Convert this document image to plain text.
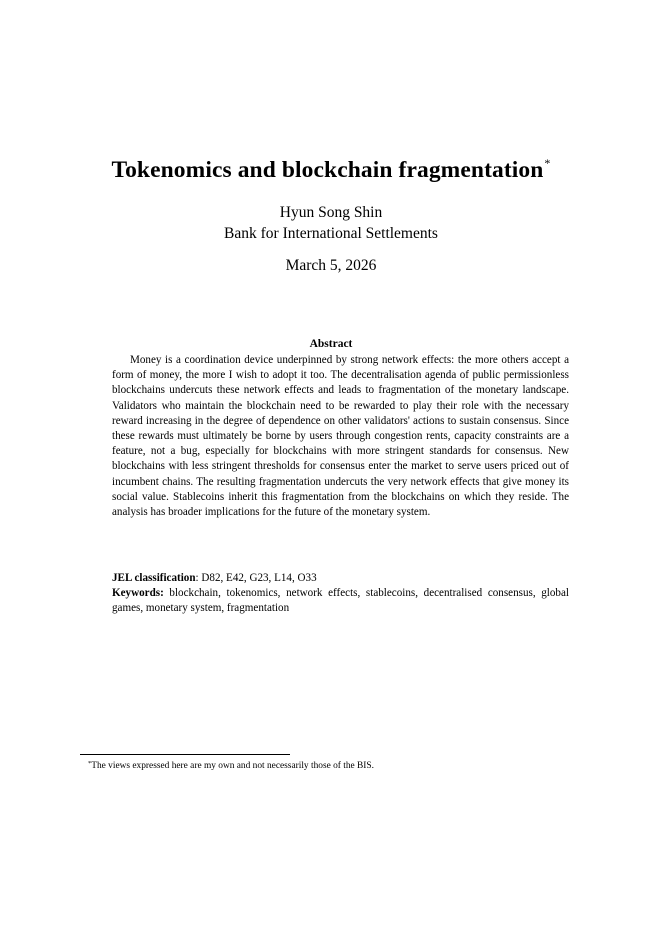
Tokenomics and blockchain fragmentation*
Hyun Song Shin
Bank for International Settlements
March 5, 2026
Abstract

Money is a coordination device underpinned by strong network effects: the more others accept a form of money, the more I wish to adopt it too. The decentralisation agenda of public permissionless blockchains undercuts these network effects and leads to fragmentation of the monetary landscape. Validators who maintain the blockchain need to be rewarded to play their role with the necessary reward increasing in the degree of dependence on other validators' actions to sustain consensus. Since these rewards must ultimately be borne by users through congestion rents, capacity constraints are a feature, not a bug, especially for blockchains with more stringent standards for consensus. New blockchains with less stringent thresholds for consensus enter the market to serve users priced out of incumbent chains. The resulting fragmentation undercuts the very network effects that give money its social value. Stablecoins inherit this fragmentation from the blockchains on which they reside. The analysis has broader implications for the future of the monetary system.

JEL classification: D82, E42, G23, L14, O33

Keywords: blockchain, tokenomics, network effects, stablecoins, decentralised consensus, global games, monetary system, fragmentation

*The views expressed here are my own and not necessarily those of the BIS.
